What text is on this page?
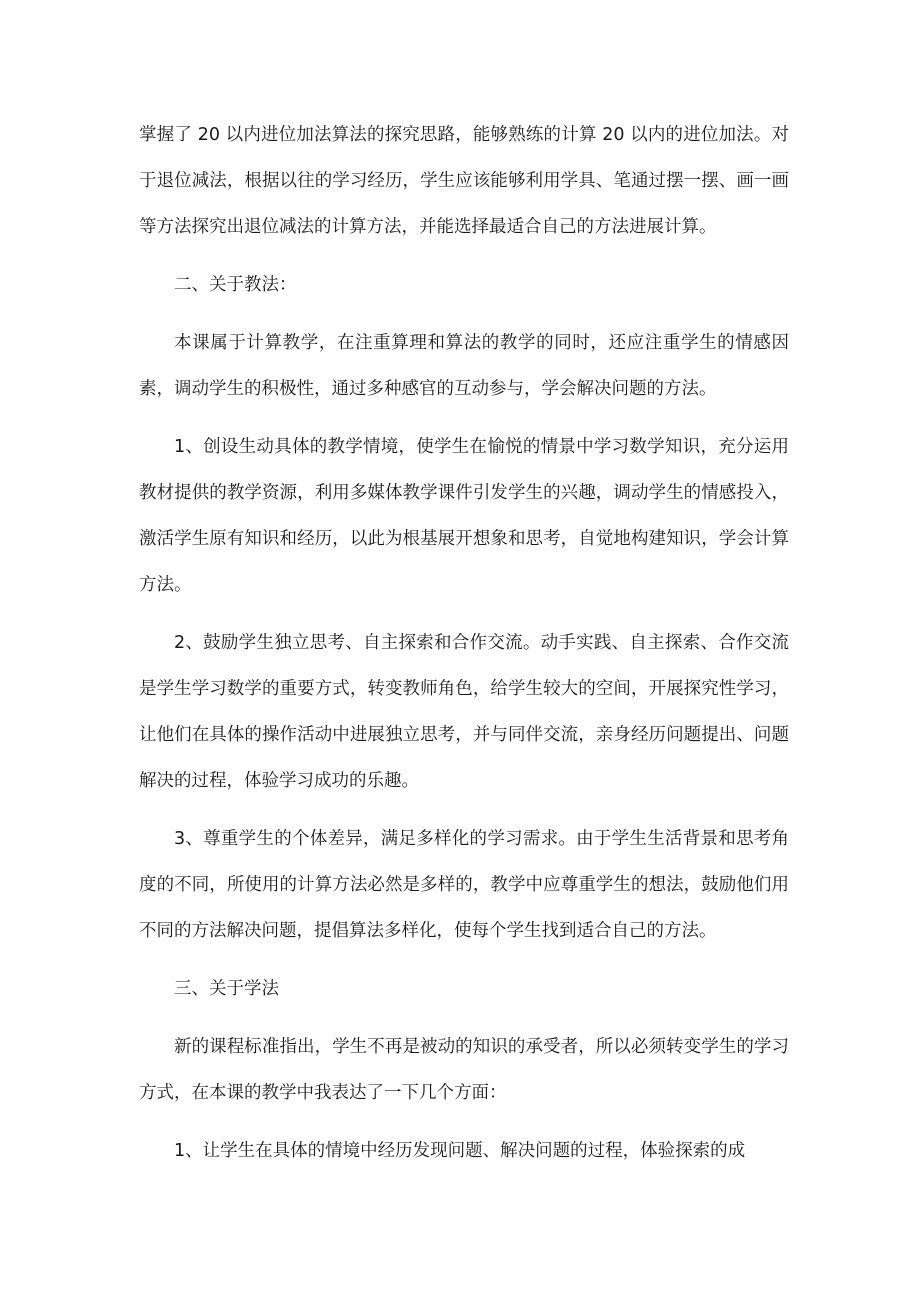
掌握了 20 以内进位加法算法的探究思路，能够熟练的计算 20 以内的进位加法。对于退位减法，根据以往的学习经历，学生应该能够利用学具、笔通过摆一摆、画一画等方法探究出退位减法的计算方法，并能选择最适合自己的方法进展计算。

二、关于教法：

本课属于计算教学，在注重算理和算法的教学的同时，还应注重学生的情感因素，调动学生的积极性，通过多种感官的互动参与，学会解决问题的方法。

1、创设生动具体的教学情境，使学生在愉悦的情景中学习数学知识，充分运用教材提供的教学资源，利用多媒体教学课件引发学生的兴趣，调动学生的情感投入，激活学生原有知识和经历，以此为根基展开想象和思考，自觉地构建知识，学会计算方法。

2、鼓励学生独立思考、自主探索和合作交流。动手实践、自主探索、合作交流是学生学习数学的重要方式，转变教师角色，给学生较大的空间，开展探究性学习，让他们在具体的操作活动中进展独立思考，并与同伴交流，亲身经历问题提出、问题解决的过程，体验学习成功的乐趣。

3、尊重学生的个体差异，满足多样化的学习需求。由于学生生活背景和思考角度的不同，所使用的计算方法必然是多样的，教学中应尊重学生的想法，鼓励他们用不同的方法解决问题，提倡算法多样化，使每个学生找到适合自己的方法。

三、关于学法

新的课程标准指出，学生不再是被动的知识的承受者，所以必须转变学生的学习方式，在本课的教学中我表达了一下几个方面：

1、让学生在具体的情境中经历发现问题、解决问题的过程，体验探索的成
